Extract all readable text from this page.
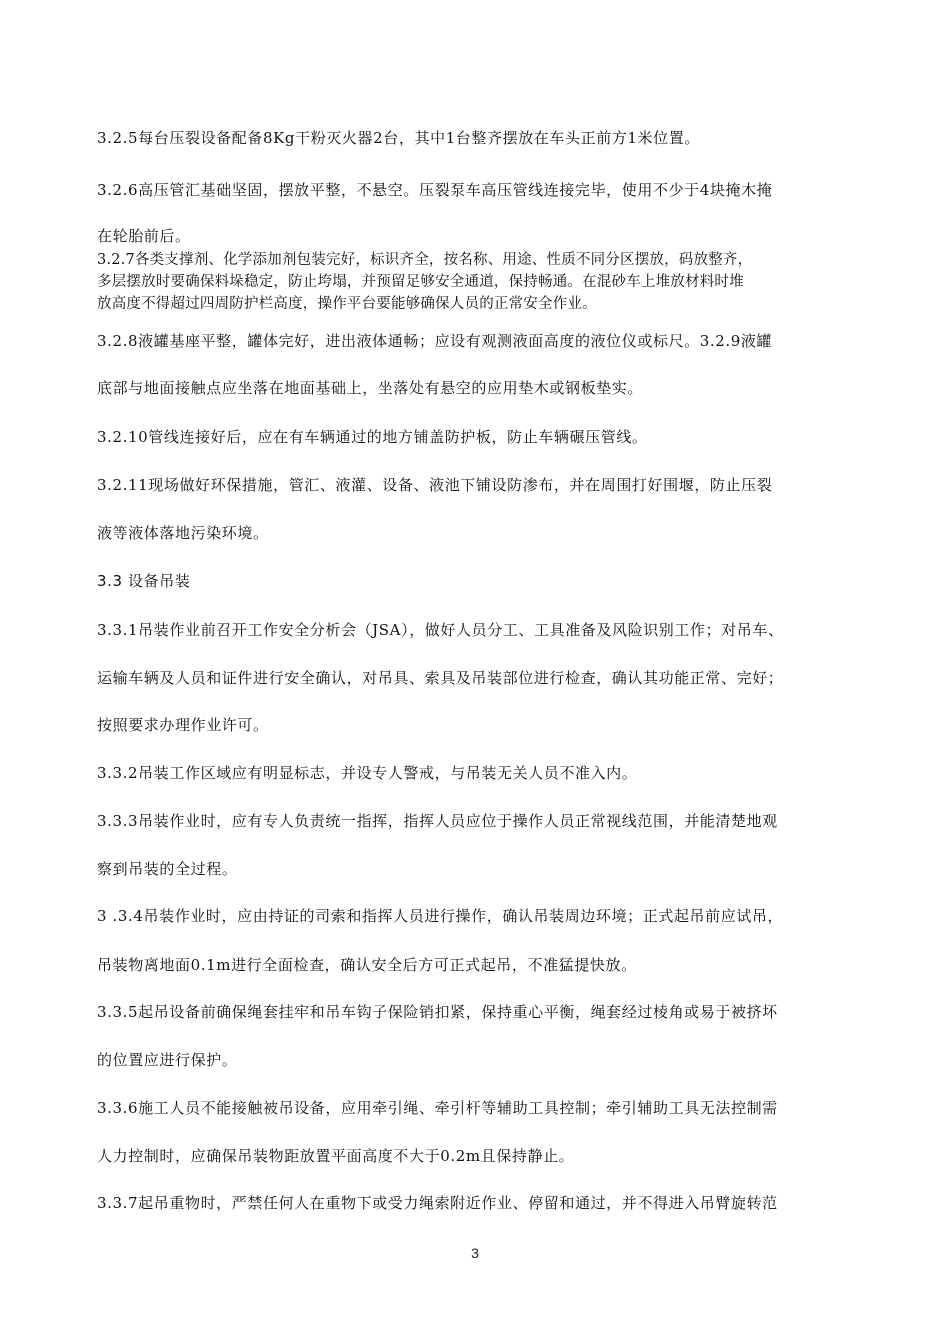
3.2.5每台压裂设备配备8Kg干粉灭火器2台，其中1台整齐摆放在车头正前方1米位置。
3.2.6高压管汇基础坚固，摆放平整，不悬空。压裂泵车高压管线连接完毕，使用不少于4块掩木掩
在轮胎前后。
3.2.7各类支撑剂、化学添加剂包装完好，标识齐全，按名称、用途、性质不同分区摆放，码放整齐，
多层摆放时要确保料垛稳定，防止垮塌，并预留足够安全通道，保持畅通。在混砂车上堆放材料时堆
放高度不得超过四周防护栏高度，操作平台要能够确保人员的正常安全作业。
3.2.8液罐基座平整，罐体完好，进出液体通畅；应设有观测液面高度的液位仪或标尺。3.2.9液罐
底部与地面接触点应坐落在地面基础上，坐落处有悬空的应用垫木或钢板垫实。
3.2.10管线连接好后，应在有车辆通过的地方铺盖防护板，防止车辆碾压管线。
3.2.11现场做好环保措施，管汇、液灌、设备、液池下铺设防渗布，并在周围打好围堰，防止压裂
液等液体落地污染环境。
3.3 设备吊装
3.3.1吊装作业前召开工作安全分析会（JSA），做好人员分工、工具准备及风险识别工作；对吊车、
运输车辆及人员和证件进行安全确认，对吊具、索具及吊装部位进行检查，确认其功能正常、完好；
按照要求办理作业许可。
3.3.2吊装工作区域应有明显标志，并设专人警戒，与吊装无关人员不准入内。
3.3.3吊装作业时，应有专人负责统一指挥，指挥人员应位于操作人员正常视线范围，并能清楚地观
察到吊装的全过程。
3 .3.4吊装作业时，应由持证的司索和指挥人员进行操作，确认吊装周边环境；正式起吊前应试吊，
吊装物离地面0.1m进行全面检查，确认安全后方可正式起吊，不准猛提快放。
3.3.5起吊设备前确保绳套挂牢和吊车钩子保险销扣紧，保持重心平衡，绳套经过棱角或易于被挤坏
的位置应进行保护。
3.3.6施工人员不能接触被吊设备，应用牵引绳、牵引杆等辅助工具控制；牵引辅助工具无法控制需
人力控制时，应确保吊装物距放置平面高度不大于0.2m且保持静止。
3.3.7起吊重物时，严禁任何人在重物下或受力绳索附近作业、停留和通过，并不得进入吊臂旋转范
3
